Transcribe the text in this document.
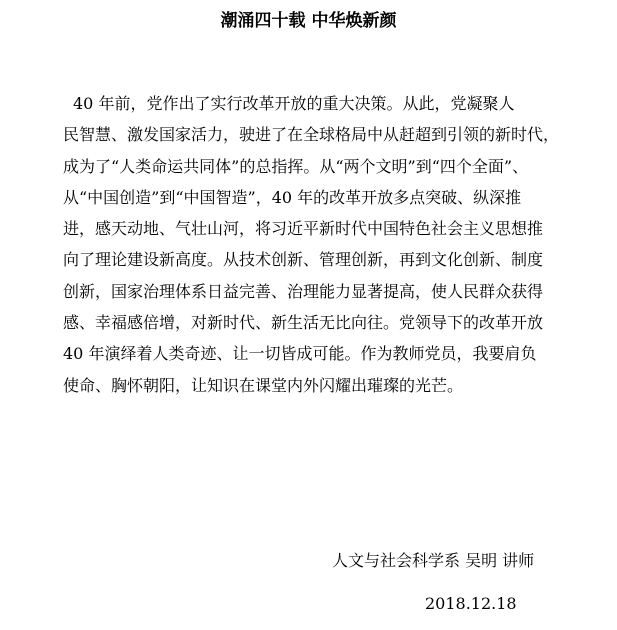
潮涌四十载 中华焕新颜
40 年前，党作出了实行改革开放的重大决策。从此，党凝聚人
民智慧、激发国家活力，驶进了在全球格局中从赶超到引领的新时代，
成为了“人类命运共同体”的总指挥。从“两个文明”到“四个全面”、
从“中国创造”到“中国智造”，40 年的改革开放多点突破、纵深推
进，感天动地、气壮山河，将习近平新时代中国特色社会主义思想推
向了理论建设新高度。从技术创新、管理创新，再到文化创新、制度
创新，国家治理体系日益完善、治理能力显著提高，使人民群众获得
感、幸福感倍增，对新时代、新生活无比向往。党领导下的改革开放
40 年演绎着人类奇迹、让一切皆成可能。作为教师党员，我要肩负
使命、胸怀朝阳，让知识在课堂内外闪耀出璀璨的光芒。
人文与社会科学系 吴明 讲师
2018.12.18
